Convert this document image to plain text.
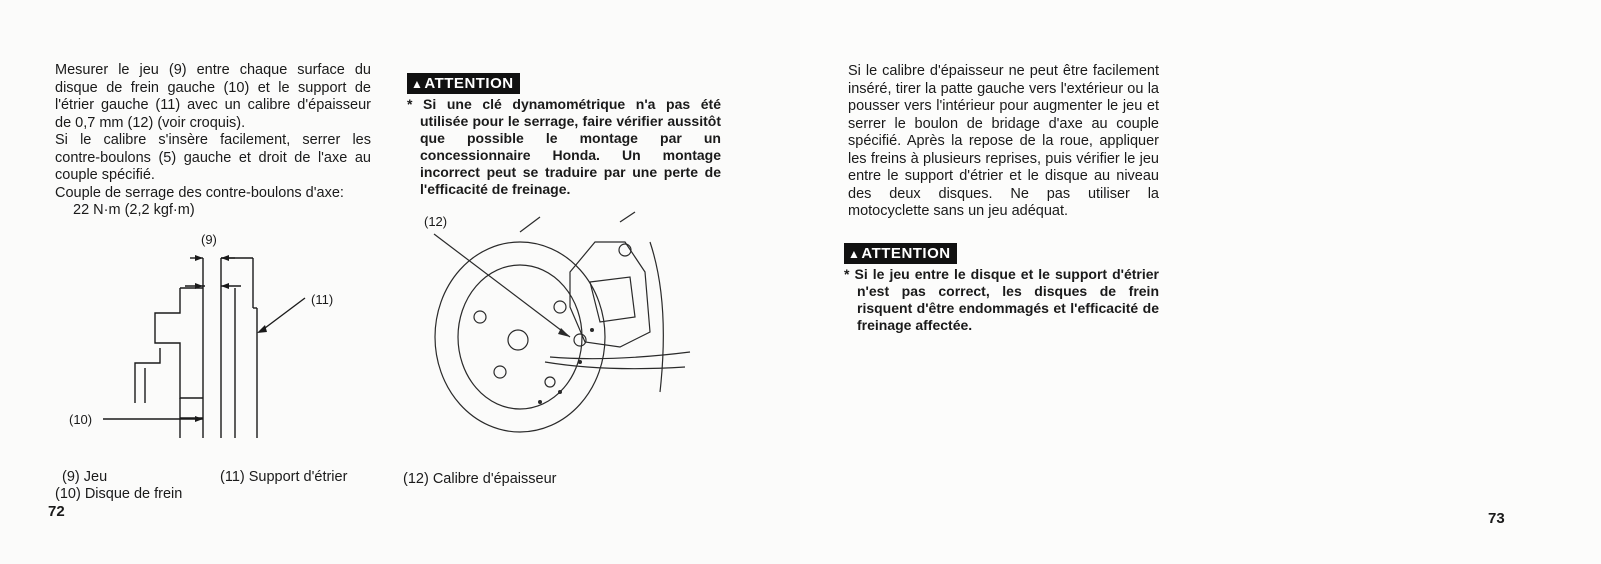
Mesurer le jeu (9) entre chaque surface du disque de frein gauche (10) et le support de l'étrier gauche (11) avec un calibre d'épaisseur de 0,7 mm (12) (voir croquis).

Si le calibre s'insère facilement, serrer les contre-boulons (5) gauche et droit de l'axe au couple spécifié.

Couple de serrage des contre-boulons d'axe:

22 N·m (2,2 kgf·m)

▲ATTENTION
* Si une clé dynamométrique n'a pas été utilisée pour le serrage, faire vérifier aussitôt que possible le montage par un concessionnaire Honda. Un montage incorrect peut se traduire par une perte de l'efficacité de freinage.
(9)
(11)
(10)
(12)
(9) Jeu
(10) Disque de frein
(11) Support d'étrier	(12) Calibre d'épaisseur
72

Si le calibre d'épaisseur ne peut être facilement inséré, tirer la patte gauche vers l'extérieur ou la pousser vers l'intérieur pour augmenter le jeu et serrer le boulon de bridage d'axe au couple spécifié. Après la repose de la roue, appliquer les freins à plusieurs reprises, puis vérifier le jeu entre le support d'étrier et le disque au niveau des deux disques. Ne pas utiliser la motocyclette sans un jeu adéquat.

▲ATTENTION
* Si le jeu entre le disque et le support d'étrier n'est pas correct, les disques de frein risquent d'être endommagés et l'efficacité de freinage affectée.
73
